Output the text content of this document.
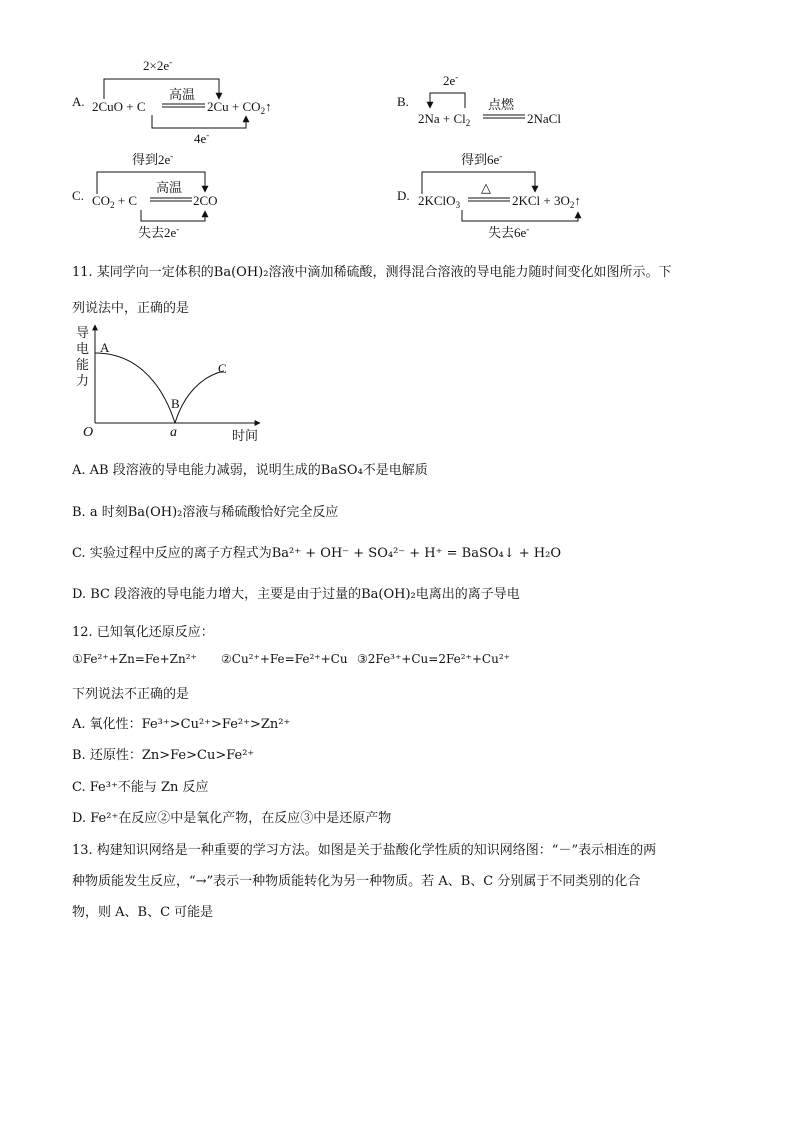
A.
2×2e-
2CuO + C
高温
$2Cu + CO_2↑$
4e-
B.
2e-
$2Na + Cl_2$
点燃
2NaCl
C.
得到2e-
$CO_2 + C$
高温
2CO
失去2e-
D.
得到6e-
2KClO$_3$
△
$2KCl + 3O_2↑$
失去6e-
11. 某同学向一定体积的Ba(OH)₂溶液中滴加稀硫酸，测得混合溶液的导电能力随时间变化如图所示。下
列说法中，正确的是
导
电
能
力
A
B
C
O	a	时间
A. AB 段溶液的导电能力减弱，说明生成的BaSO₄不是电解质
B. a 时刻Ba(OH)₂溶液与稀硫酸恰好完全反应
C. 实验过程中反应的离子方程式为Ba²⁺ + OH⁻ + SO₄²⁻ + H⁺ = BaSO₄↓ + H₂O
D. BC 段溶液的导电能力增大，主要是由于过量的Ba(OH)₂电离出的离子导电
12. 已知氧化还原反应：
①Fe²⁺+Zn=Fe+Zn²⁺ ②Cu²⁺+Fe=Fe²⁺+Cu ③2Fe³⁺+Cu=2Fe²⁺+Cu²⁺
下列说法不正确的是
A. 氧化性：Fe³⁺>Cu²⁺>Fe²⁺>Zn²⁺
B. 还原性：Zn>Fe>Cu>Fe²⁺
C. Fe³⁺不能与 Zn 反应
D. Fe²⁺在反应②中是氧化产物，在反应③中是还原产物
13. 构建知识网络是一种重要的学习方法。如图是关于盐酸化学性质的知识网络图：“－”表示相连的两
种物质能发生反应，“→”表示一种物质能转化为另一种物质。若 A、B、C 分别属于不同类别的化合
物，则 A、B、C 可能是
